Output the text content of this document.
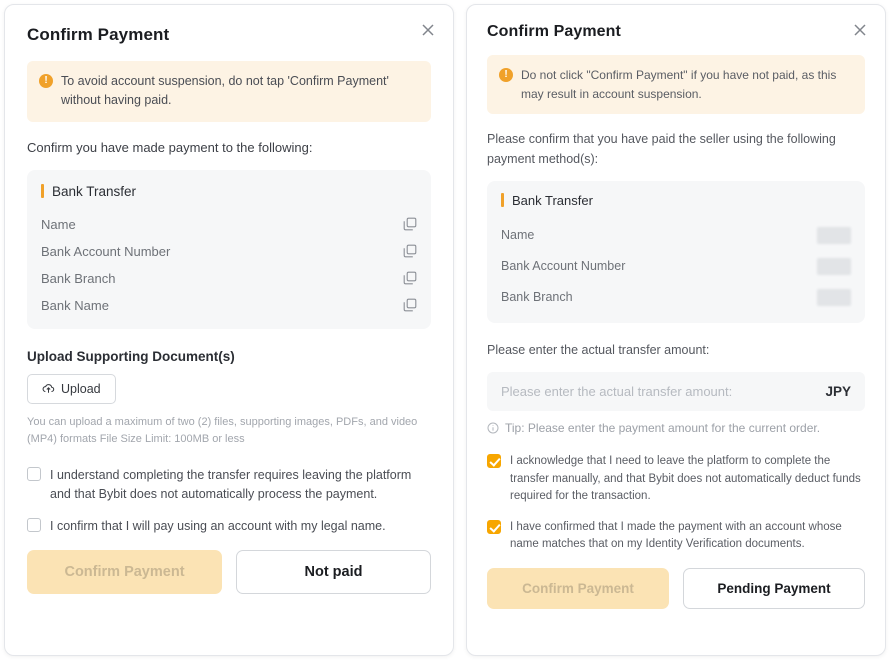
Confirm Payment
!	To avoid account suspension, do not tap 'Confirm Payment' without having paid.

Confirm you have made payment to the following:

Bank Transfer
Name
Bank Account Number
Bank Branch
Bank Name
Upload Supporting Document(s)
Upload

You can upload a maximum of two (2) files, supporting images, PDFs, and video (MP4) formats File Size Limit: 100MB or less

I understand completing the transfer requires leaving the platform and that Bybit does not automatically process the payment.
I confirm that I will pay using an account with my legal name.
Confirm Payment	Not paid
Confirm Payment
!	Do not click "Confirm Payment" if you have not paid, as this may result in account suspension.

Please confirm that you have paid the seller using the following payment method(s):

Bank Transfer
Name
Bank Account Number
Bank Branch

Please enter the actual transfer amount:

Please enter the actual transfer amount:	JPY
Tip: Please enter the payment amount for the current order.
I acknowledge that I need to leave the platform to complete the transfer manually, and that Bybit does not automatically deduct funds required for the transaction.
I have confirmed that I made the payment with an account whose name matches that on my Identity Verification documents.
Confirm Payment	Pending Payment
